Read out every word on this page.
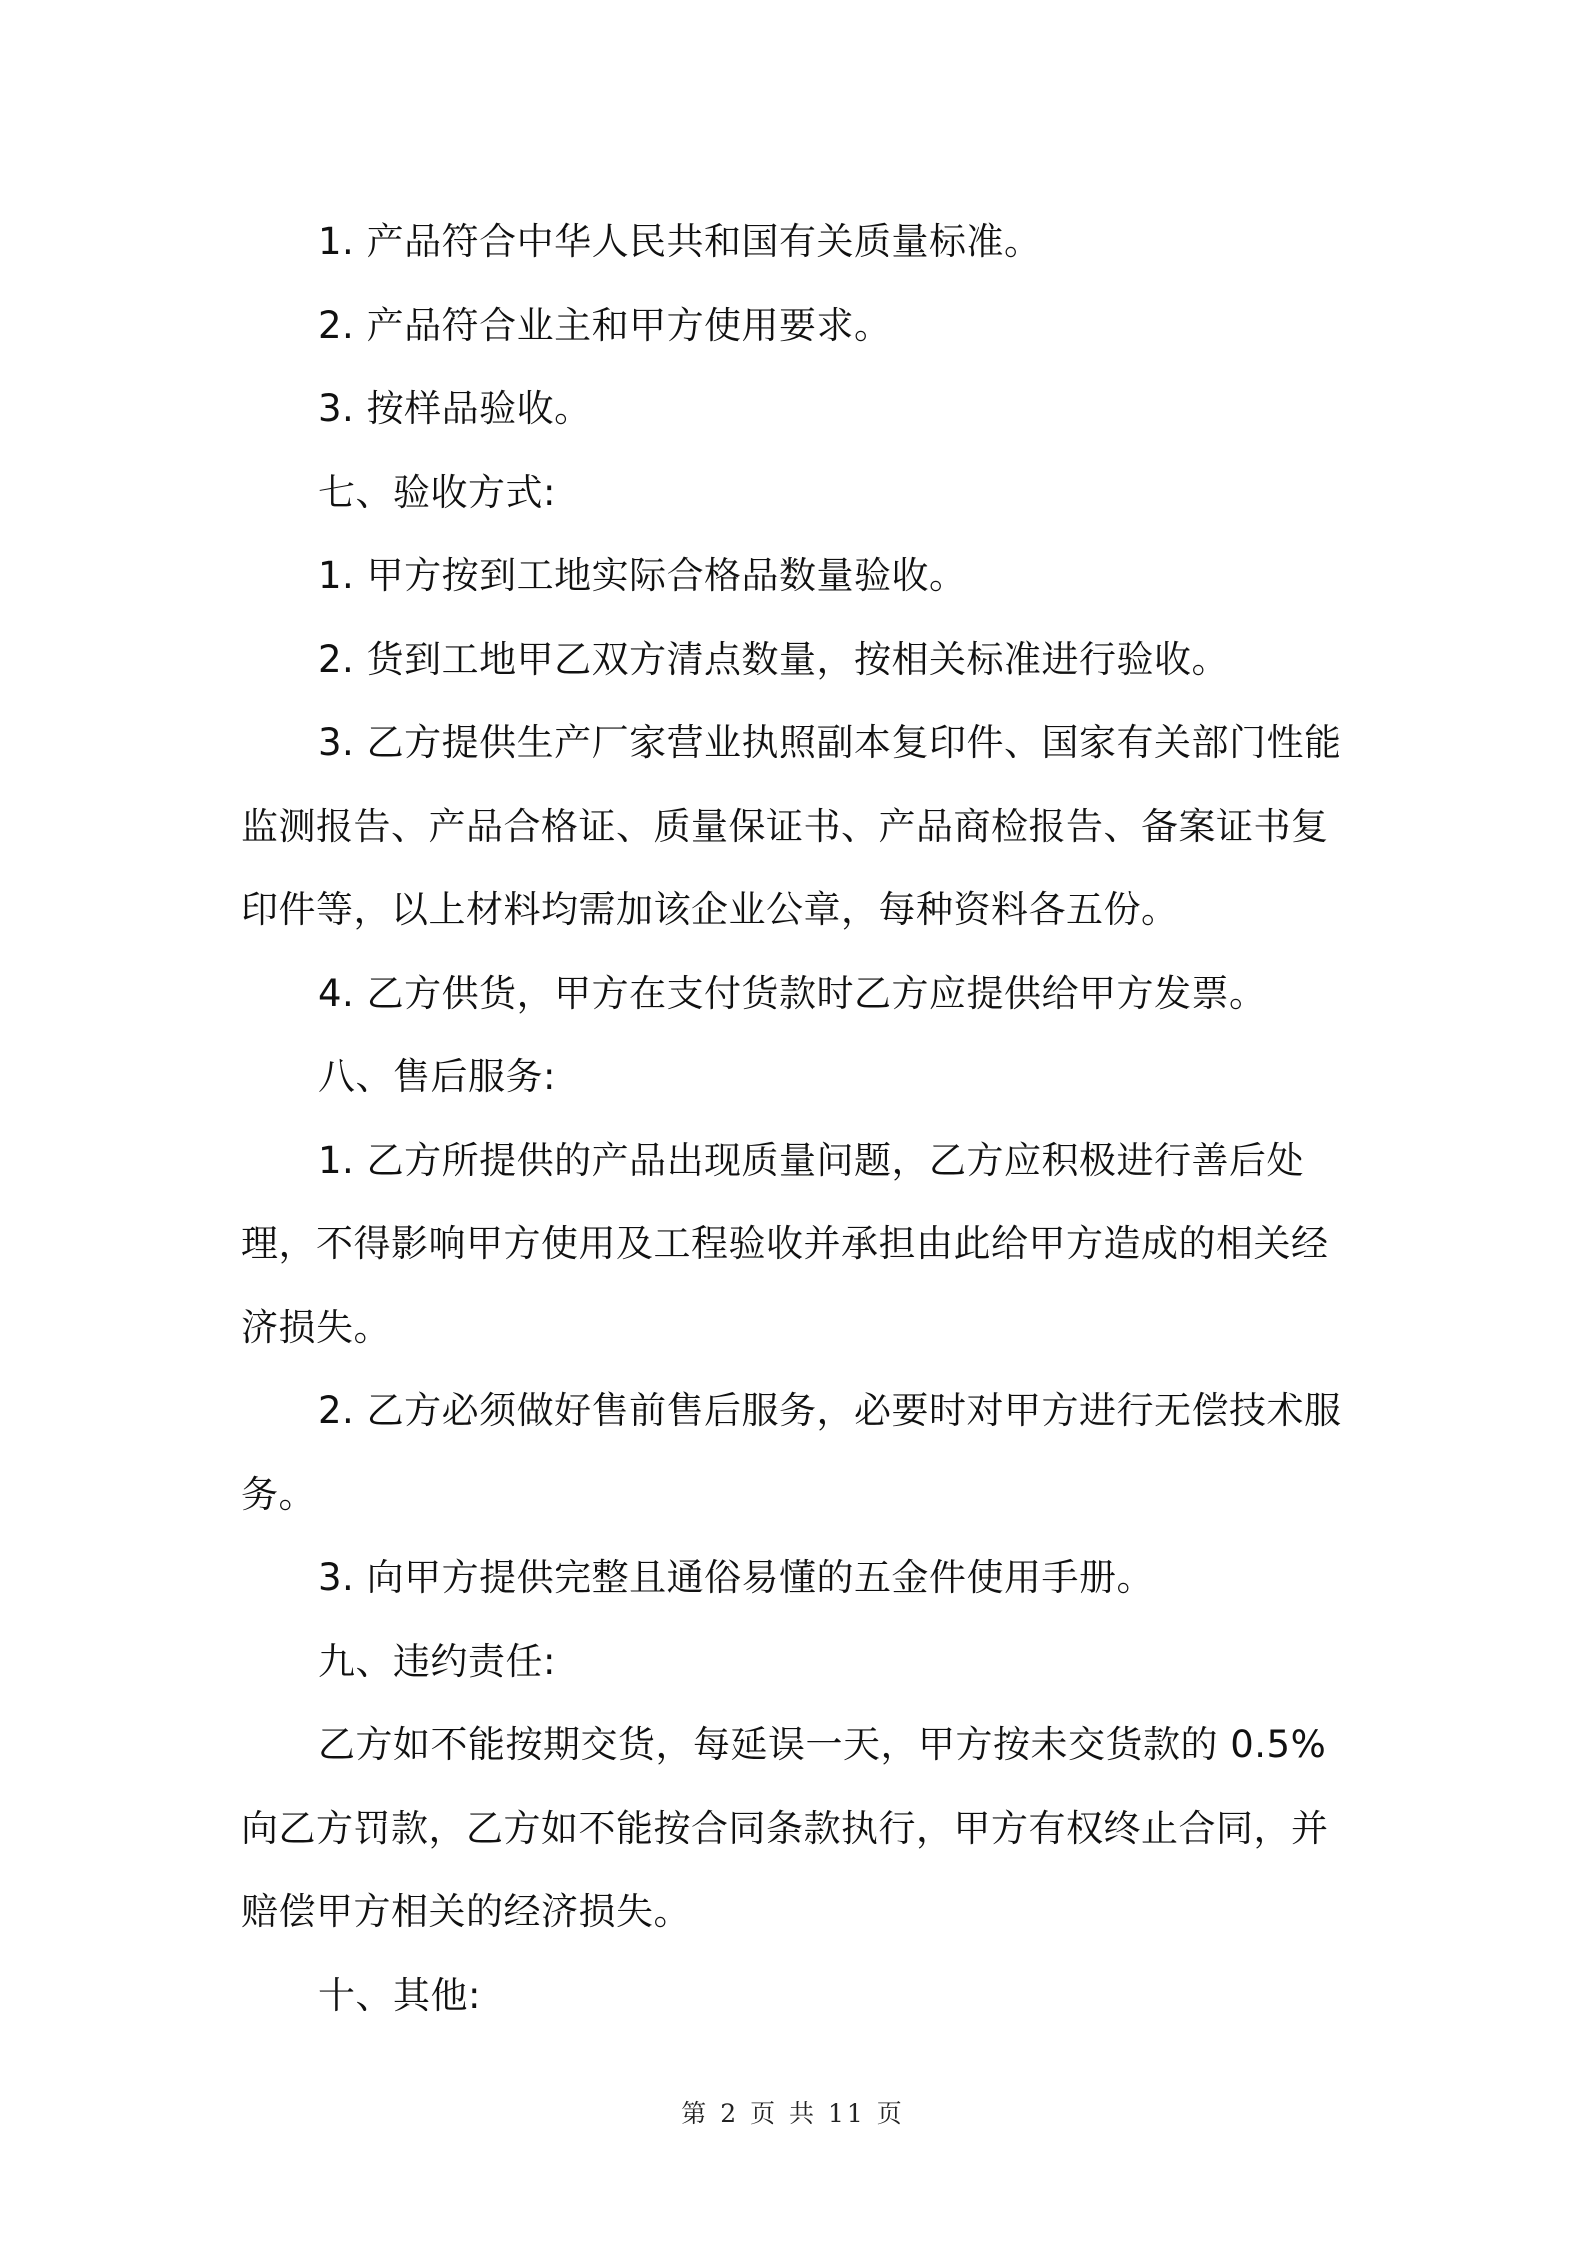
1. 产品符合中华人民共和国有关质量标准。

2. 产品符合业主和甲方使用要求。

3. 按样品验收。

七、验收方式:

1. 甲方按到工地实际合格品数量验收。

2. 货到工地甲乙双方清点数量，按相关标准进行验收。

3. 乙方提供生产厂家营业执照副本复印件、国家有关部门性能监测报告、产品合格证、质量保证书、产品商检报告、备案证书复印件等，以上材料均需加该企业公章，每种资料各五份。

4. 乙方供货，甲方在支付货款时乙方应提供给甲方发票。

八、售后服务:

1. 乙方所提供的产品出现质量问题，乙方应积极进行善后处理，不得影响甲方使用及工程验收并承担由此给甲方造成的相关经济损失。

2. 乙方必须做好售前售后服务，必要时对甲方进行无偿技术服务。

3. 向甲方提供完整且通俗易懂的五金件使用手册。

九、违约责任:

乙方如不能按期交货，每延误一天，甲方按未交货款的 0.5%向乙方罚款，乙方如不能按合同条款执行，甲方有权终止合同，并赔偿甲方相关的经济损失。

十、其他:

第 2 页 共 11 页
